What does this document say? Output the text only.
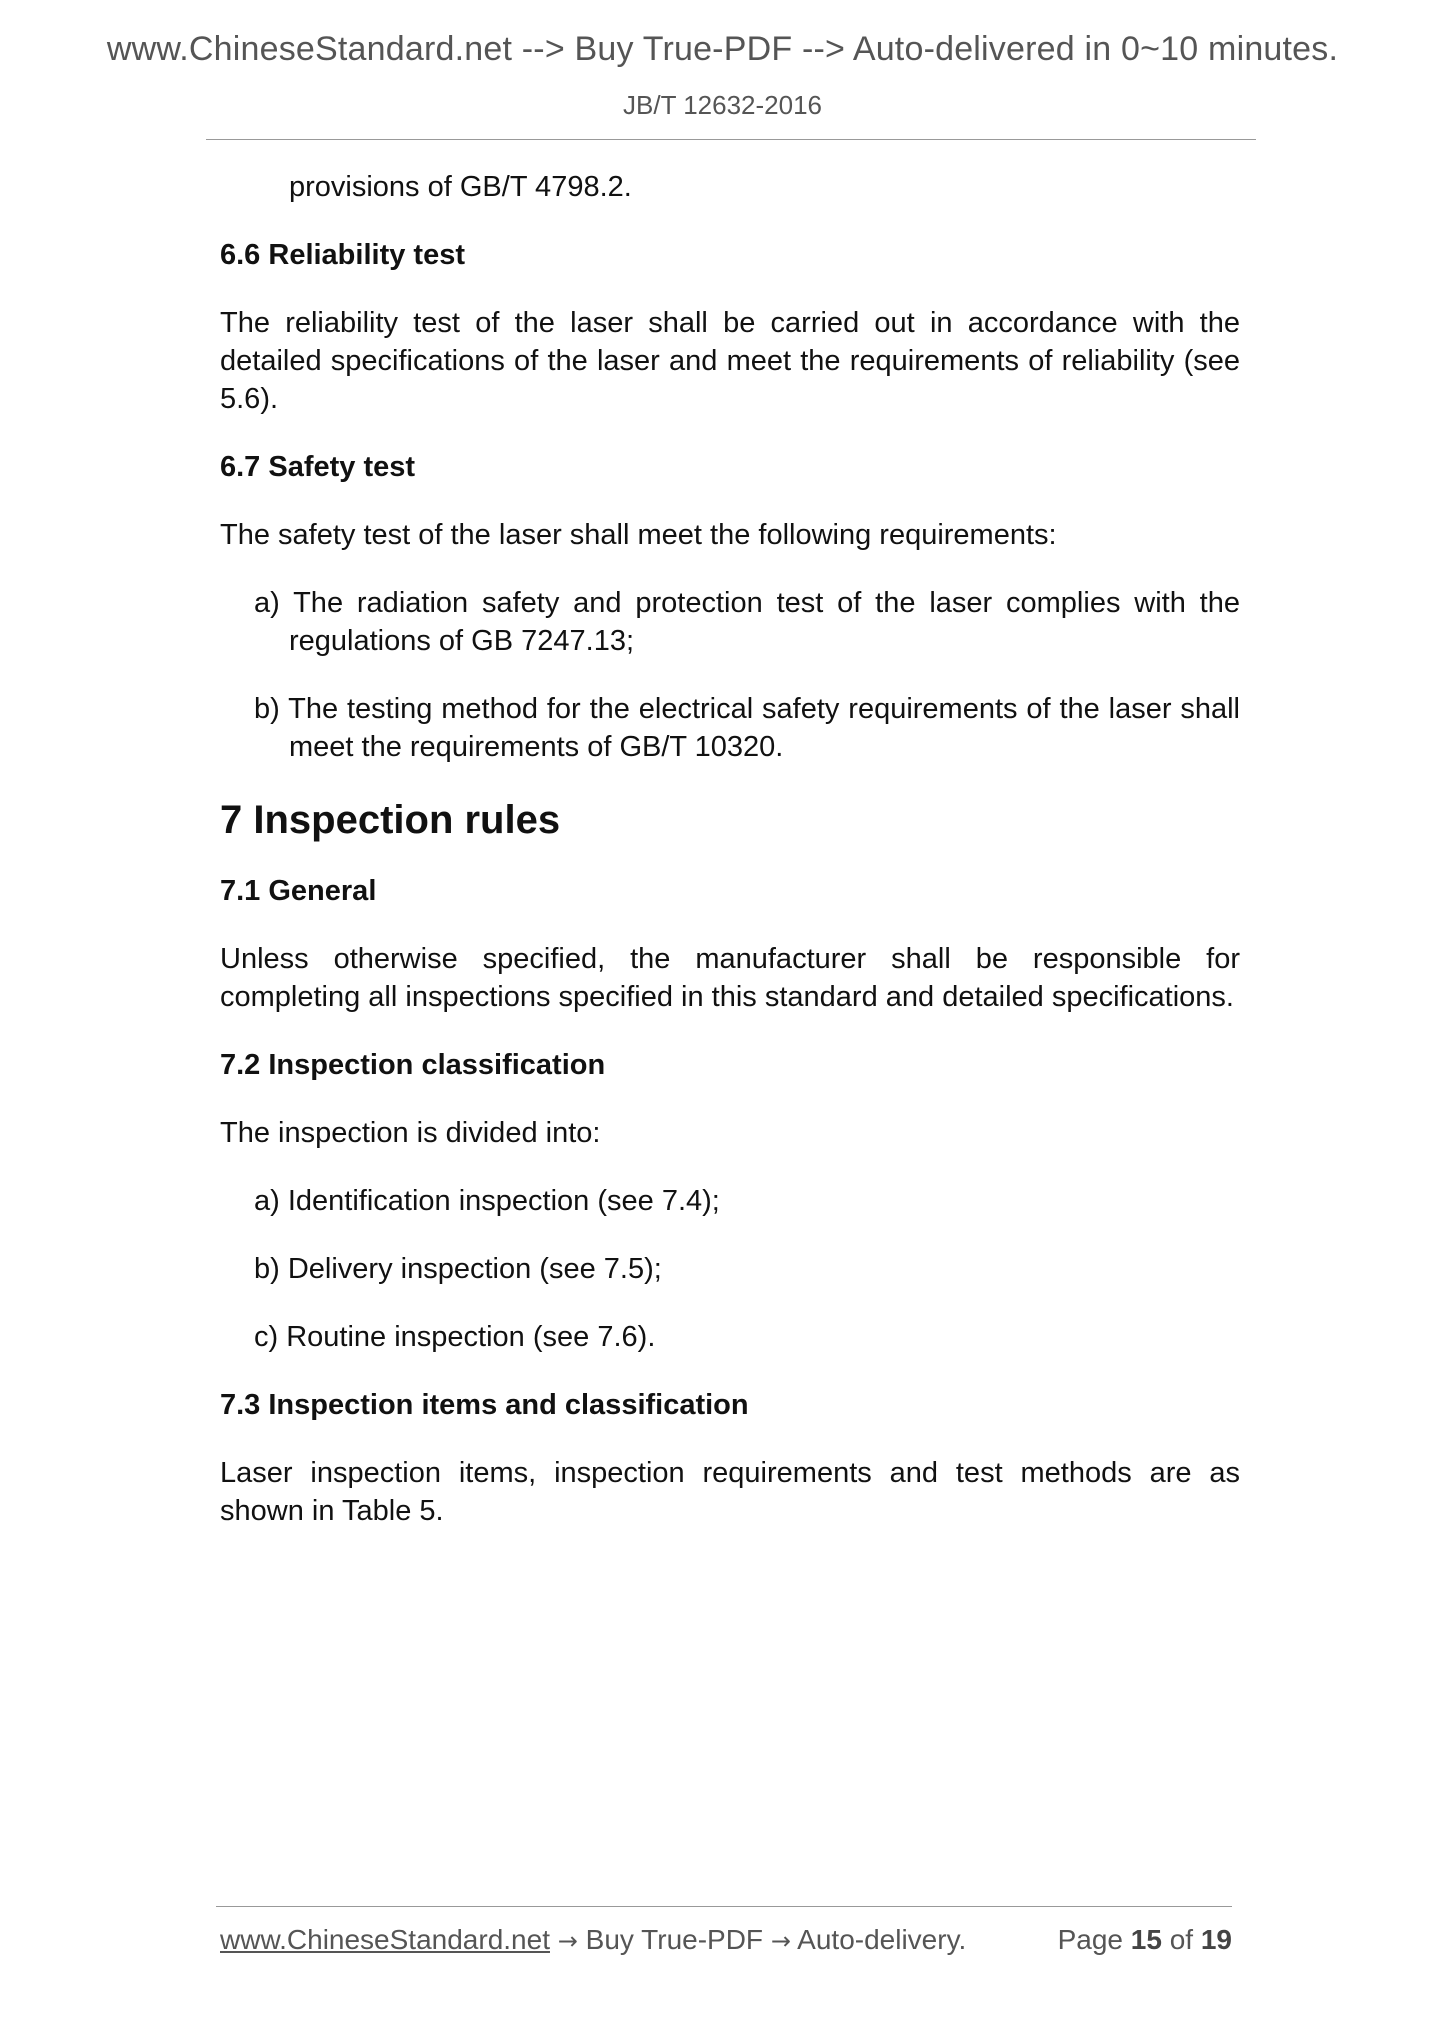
www.ChineseStandard.net --> Buy True-PDF --> Auto-delivered in 0~10 minutes.
JB/T 12632-2016

provisions of GB/T 4798.2.

6.6 Reliability test

The reliability test of the laser shall be carried out in accordance with the detailed specifications of the laser and meet the requirements of reliability (see 5.6).

6.7 Safety test

The safety test of the laser shall meet the following requirements:

a) The radiation safety and protection test of the laser complies with the regulations of GB 7247.13;

b) The testing method for the electrical safety requirements of the laser shall meet the requirements of GB/T 10320.

7 Inspection rules

7.1 General

Unless otherwise specified, the manufacturer shall be responsible for completing all inspections specified in this standard and detailed specifications.

7.2 Inspection classification

The inspection is divided into:

a) Identification inspection (see 7.4);

b) Delivery inspection (see 7.5);

c) Routine inspection (see 7.6).

7.3 Inspection items and classification

Laser inspection items, inspection requirements and test methods are as shown in Table 5.

www.ChineseStandard.net → Buy True-PDF → Auto-delivery.	Page 15 of 19
